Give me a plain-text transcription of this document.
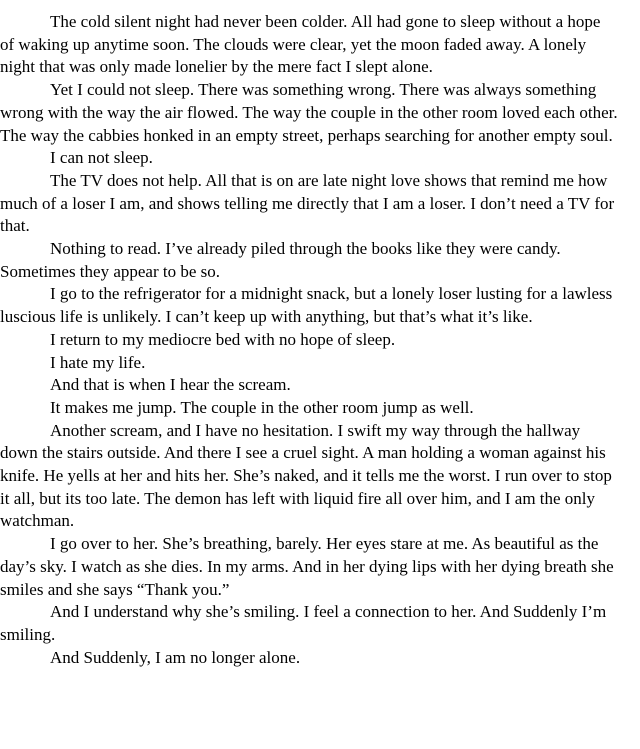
The cold silent night had never been colder. All had gone to sleep without a hope of waking up anytime soon. The clouds were clear, yet the moon faded away. A lonely night that was only made lonelier by the mere fact I slept alone.

Yet I could not sleep. There was something wrong. There was always something wrong with the way the air flowed. The way the couple in the other room loved each other. The way the cabbies honked in an empty street, perhaps searching for another empty soul.

I can not sleep.

The TV does not help. All that is on are late night love shows that remind me how much of a loser I am, and shows telling me directly that I am a loser. I don’t need a TV for that.

Nothing to read. I’ve already piled through the books like they were candy. Sometimes they appear to be so.

I go to the refrigerator for a midnight snack, but a lonely loser lusting for a lawless luscious life is unlikely. I can’t keep up with anything, but that’s what it’s like.

I return to my mediocre bed with no hope of sleep.

I hate my life.

And that is when I hear the scream.

It makes me jump. The couple in the other room jump as well.

Another scream, and I have no hesitation. I swift my way through the hallway down the stairs outside. And there I see a cruel sight. A man holding a woman against his knife. He yells at her and hits her. She’s naked, and it tells me the worst. I run over to stop it all, but its too late. The demon has left with liquid fire all over him, and I am the only watchman.

I go over to her. She’s breathing, barely. Her eyes stare at me. As beautiful as the day’s sky. I watch as she dies. In my arms. And in her dying lips with her dying breath she smiles and she says “Thank you.”

And I understand why she’s smiling. I feel a connection to her. And Suddenly I’m smiling.

And Suddenly, I am no longer alone.
